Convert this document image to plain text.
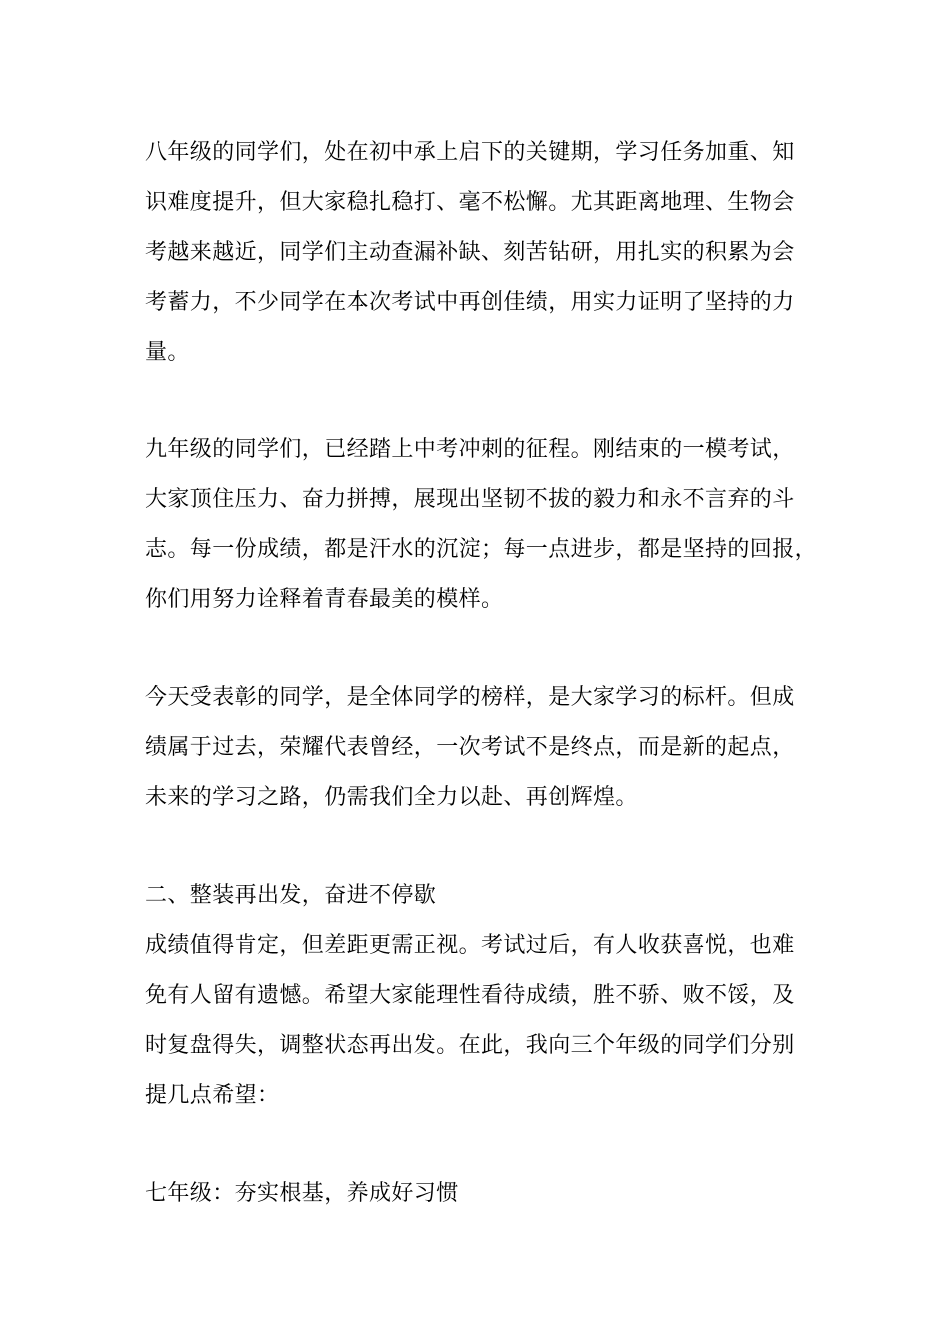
八年级的同学们，处在初中承上启下的关键期，学习任务加重、知

识难度提升，但大家稳扎稳打、毫不松懈。尤其距离地理、生物会

考越来越近，同学们主动查漏补缺、刻苦钻研，用扎实的积累为会

考蓄力，不少同学在本次考试中再创佳绩，用实力证明了坚持的力

量。

九年级的同学们，已经踏上中考冲刺的征程。刚结束的一模考试，

大家顶住压力、奋力拼搏，展现出坚韧不拔的毅力和永不言弃的斗

志。每一份成绩，都是汗水的沉淀；每一点进步，都是坚持的回报，

你们用努力诠释着青春最美的模样。

今天受表彰的同学，是全体同学的榜样，是大家学习的标杆。但成

绩属于过去，荣耀代表曾经，一次考试不是终点，而是新的起点，

未来的学习之路，仍需我们全力以赴、再创辉煌。

二、整装再出发，奋进不停歇

成绩值得肯定，但差距更需正视。考试过后，有人收获喜悦，也难

免有人留有遗憾。希望大家能理性看待成绩，胜不骄、败不馁，及

时复盘得失，调整状态再出发。在此，我向三个年级的同学们分别

提几点希望：

七年级：夯实根基，养成好习惯
